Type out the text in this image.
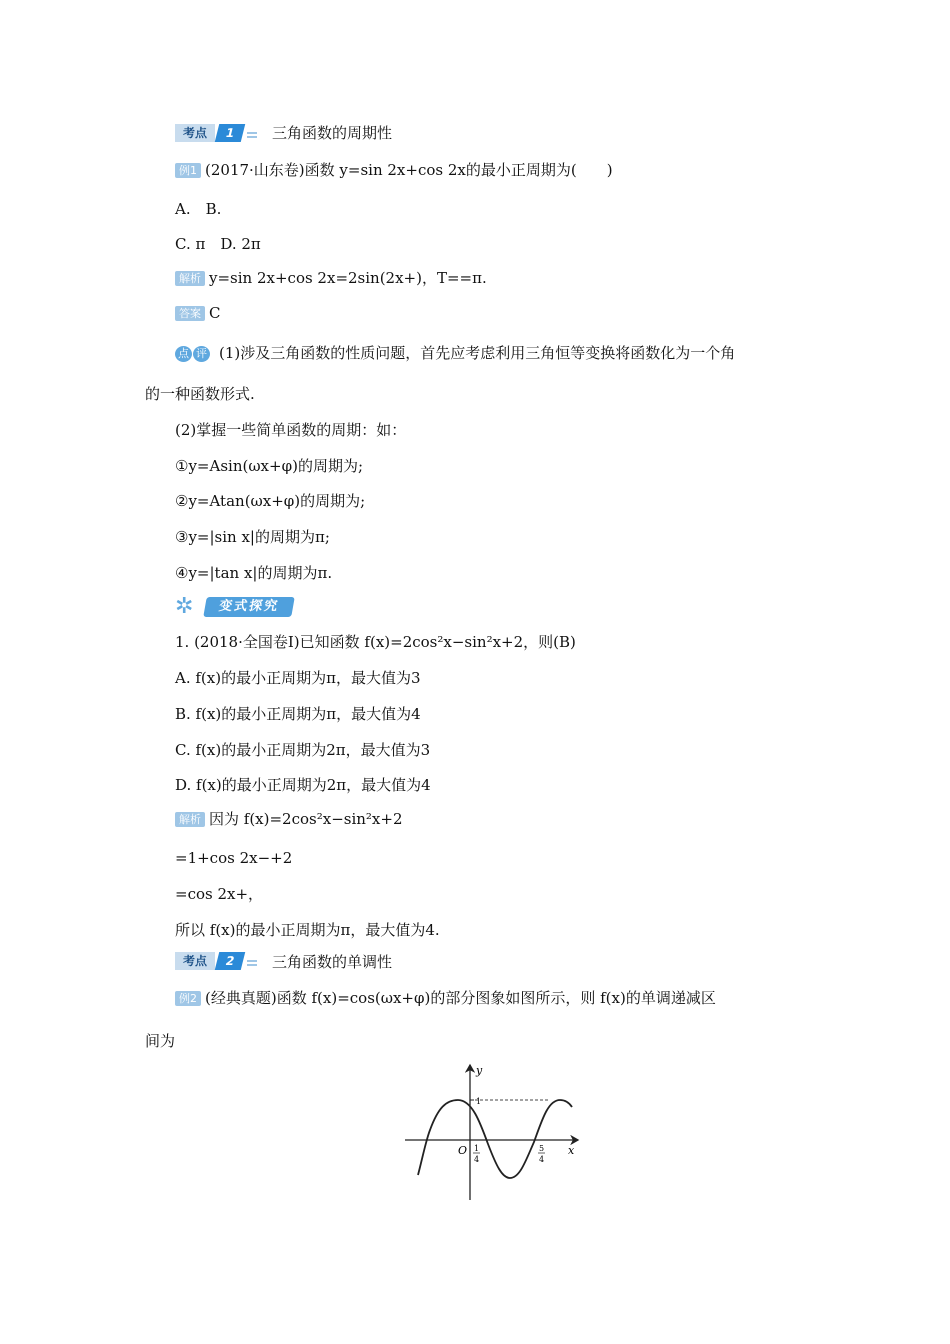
考点	1	三角函数的周期性
例1 (2017·山东卷)函数 y=sin 2x+cos 2x的最小正周期为(　　)
A.　B.
C. π　D. 2π
解析 y=sin 2x+cos 2x=2sin(2x+)，T==π.
答案 C
点 评 (1)涉及三角函数的性质问题，首先应考虑利用三角恒等变换将函数化为一个角
的一种函数形式.
(2)掌握一些简单函数的周期：如：
①y=Asin(ωx+φ)的周期为;
②y=Atan(ωx+φ)的周期为;
③y=|sin x|的周期为π;
④y=|tan x|的周期为π.
✲	变式探究
1. (2018·全国卷Ⅰ)已知函数 f(x)=2cos²x−sin²x+2，则(B)
A. f(x)的最小正周期为π，最大值为3
B. f(x)的最小正周期为π，最大值为4
C. f(x)的最小正周期为2π，最大值为3
D. f(x)的最小正周期为2π，最大值为4
解析 因为 f(x)=2cos²x−sin²x+2
=1+cos 2x−+2
=cos 2x+，
所以 f(x)的最小正周期为π，最大值为4.
考点	2	三角函数的单调性
例2 (经典真题)函数 f(x)=cos(ωx+φ)的部分图象如图所示，则 f(x)的单调递减区
间为
y
x
O
1
1
4
5
4
